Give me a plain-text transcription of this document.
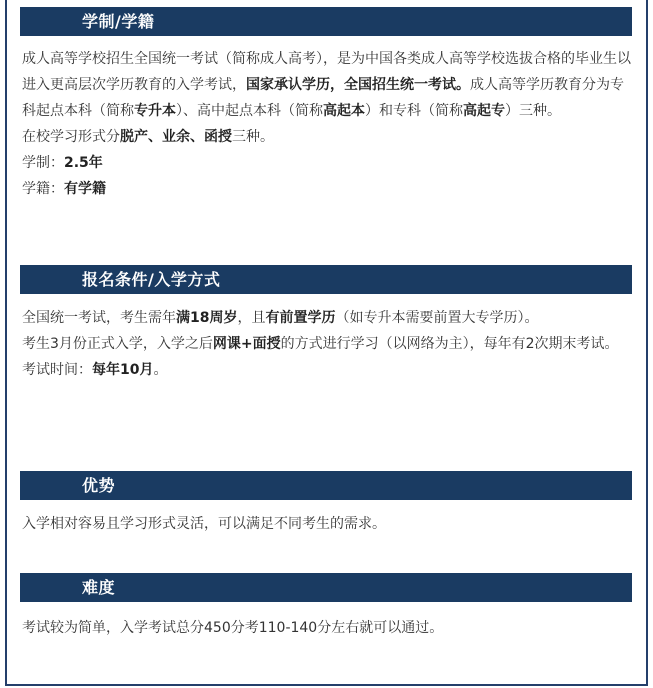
学制/学籍

成人高等学校招生全国统一考试（简称成人高考），是为中国各类成人高等学校选拔合格的毕业生以进入更高层次学历教育的入学考试，国家承认学历，全国招生统一考试。成人高等学历教育分为专科起点本科（简称专升本）、高中起点本科（简称高起本）和专科（简称高起专）三种。

在校学习形式分脱产、业余、函授三种。

学制：2.5年

学籍：有学籍

报名条件/入学方式

全国统一考试，考生需年满18周岁，且有前置学历（如专升本需要前置大专学历）。

考生3月份正式入学，入学之后网课+面授的方式进行学习（以网络为主），每年有2次期末考试。

考试时间：每年10月。

优势

入学相对容易且学习形式灵活，可以满足不同考生的需求。

难度

考试较为简单，入学考试总分450分考110-140分左右就可以通过。
